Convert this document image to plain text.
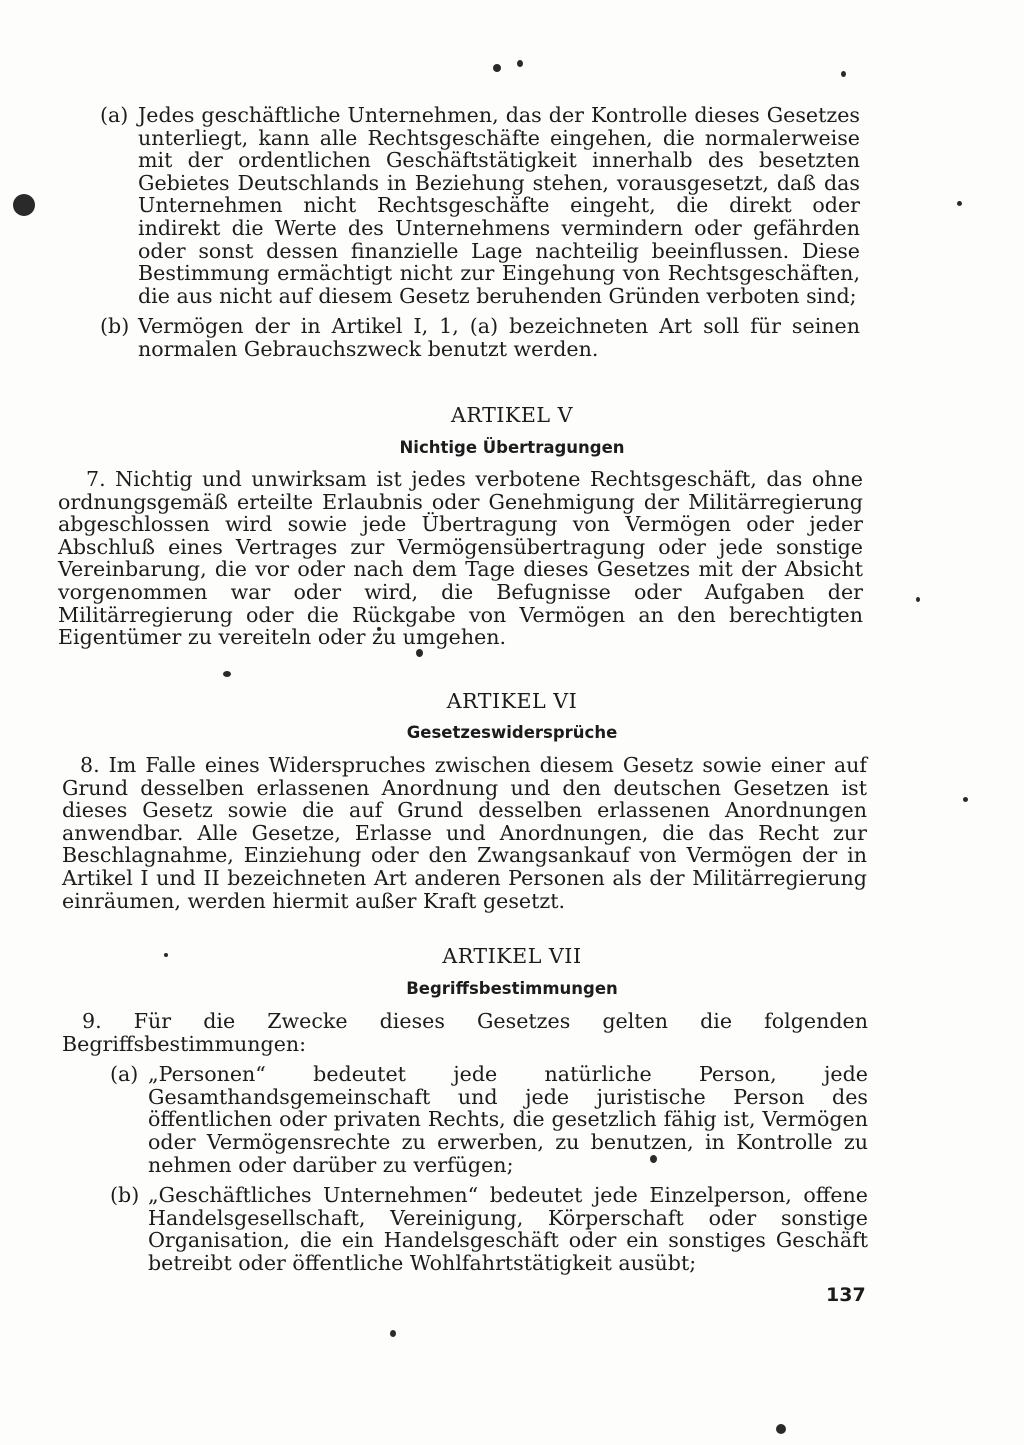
(a) Jedes geschäftliche Unternehmen, das der Kontrolle dieses Gesetzes unterliegt, kann alle Rechtsgeschäfte eingehen, die normalerweise mit der ordentlichen Geschäftstätigkeit innerhalb des besetzten Gebietes Deutschlands in Beziehung stehen, vorausgesetzt, daß das Unternehmen nicht Rechtsgeschäfte eingeht, die direkt oder indirekt die Werte des Unternehmens vermindern oder gefährden oder sonst dessen finanzielle Lage nachteilig beeinflussen. Diese Bestimmung ermächtigt nicht zur Eingehung von Rechtsgeschäften, die aus nicht auf diesem Gesetz beruhenden Gründen verboten sind;
(b) Vermögen der in Artikel I, 1, (a) bezeichneten Art soll für seinen normalen Gebrauchszweck benutzt werden.
ARTIKEL V
Nichtige Übertragungen

7. Nichtig und unwirksam ist jedes verbotene Rechtsgeschäft, das ohne ordnungsgemäß erteilte Erlaubnis oder Genehmigung der Militärregierung abgeschlossen wird sowie jede Übertragung von Vermögen oder jeder Abschluß eines Vertrages zur Vermögensübertragung oder jede sonstige Vereinbarung, die vor oder nach dem Tage dieses Gesetzes mit der Absicht vorgenommen war oder wird, die Befugnisse oder Aufgaben der Militärregierung oder die Rückgabe von Vermögen an den berechtigten Eigentümer zu vereiteln oder zu umgehen.

ARTIKEL VI
Gesetzeswidersprüche

8. Im Falle eines Widerspruches zwischen diesem Gesetz sowie einer auf Grund desselben erlassenen Anordnung und den deutschen Gesetzen ist dieses Gesetz sowie die auf Grund desselben erlassenen Anordnungen anwendbar. Alle Gesetze, Erlasse und Anordnungen, die das Recht zur Beschlagnahme, Einziehung oder den Zwangsankauf von Vermögen der in Artikel I und II bezeichneten Art anderen Personen als der Militärregierung einräumen, werden hiermit außer Kraft gesetzt.

ARTIKEL VII
Begriffsbestimmungen

9. Für die Zwecke dieses Gesetzes gelten die folgenden Begriffsbestimmungen:

(a) „Personen“ bedeutet jede natürliche Person, jede Gesamthandsgemeinschaft und jede juristische Person des öffentlichen oder privaten Rechts, die gesetzlich fähig ist, Vermögen oder Vermögensrechte zu erwerben, zu benutzen, in Kontrolle zu nehmen oder darüber zu verfügen;
(b) „Geschäftliches Unternehmen“ bedeutet jede Einzelperson, offene Handelsgesellschaft, Vereinigung, Körperschaft oder sonstige Organisation, die ein Handelsgeschäft oder ein sonstiges Geschäft betreibt oder öffentliche Wohlfahrtstätigkeit ausübt;
137
